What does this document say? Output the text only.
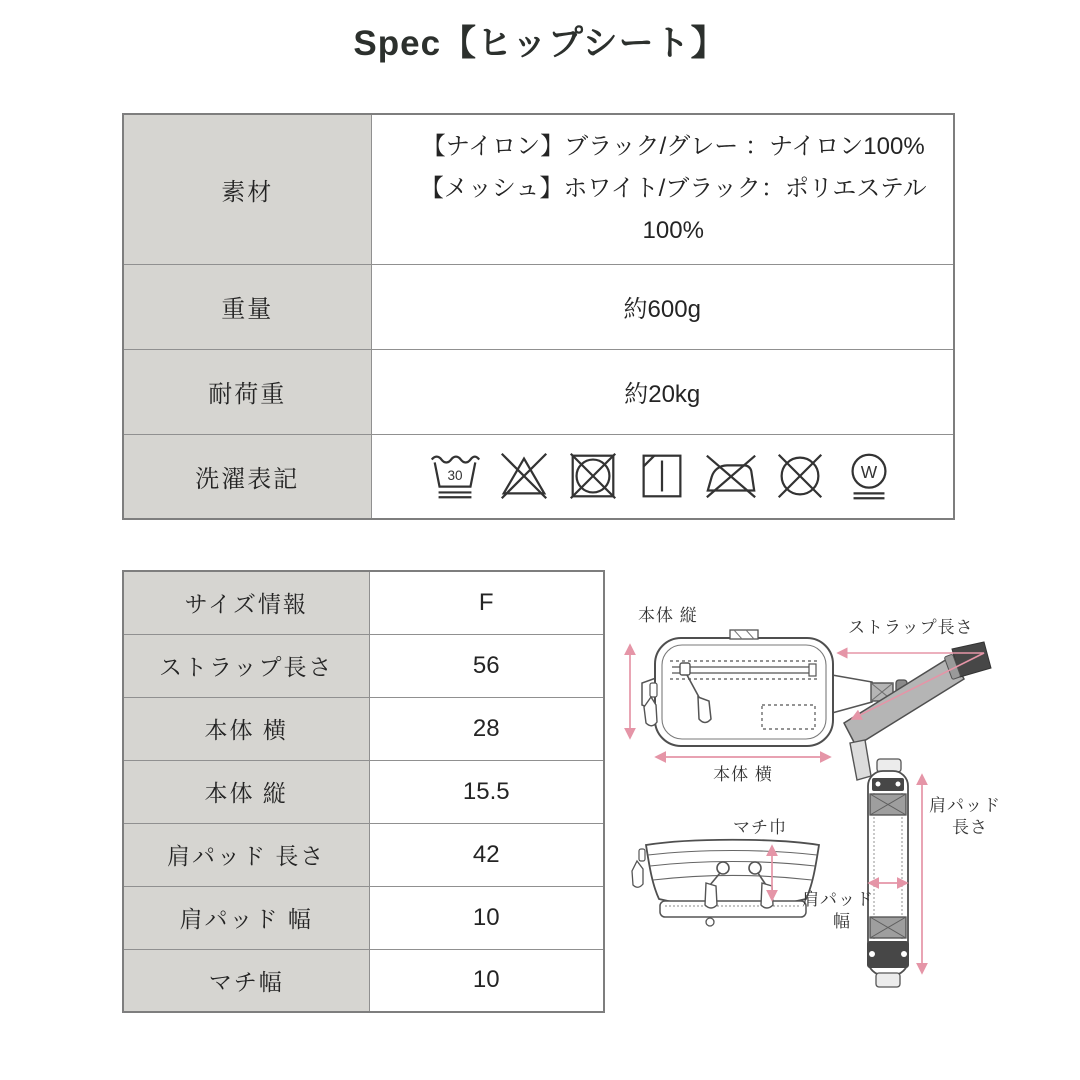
Spec【ヒップシート】
素材	【ナイロン】ブラック/グレー ：ナイロン100%
【メッシュ】ホワイト/ブラック：ポリエステル100%

重量	約600g
耐荷重	約20kg
洗濯表記	30 W
サイズ情報	F
ストラップ長さ	56
本体 横	28
本体 縦	15.5
肩パッド 長さ	42
肩パッド 幅	10
マチ幅	10
本体 縦
ストラップ長さ
本体 横
マチ巾
肩パッド
長さ
肩パッド
幅
